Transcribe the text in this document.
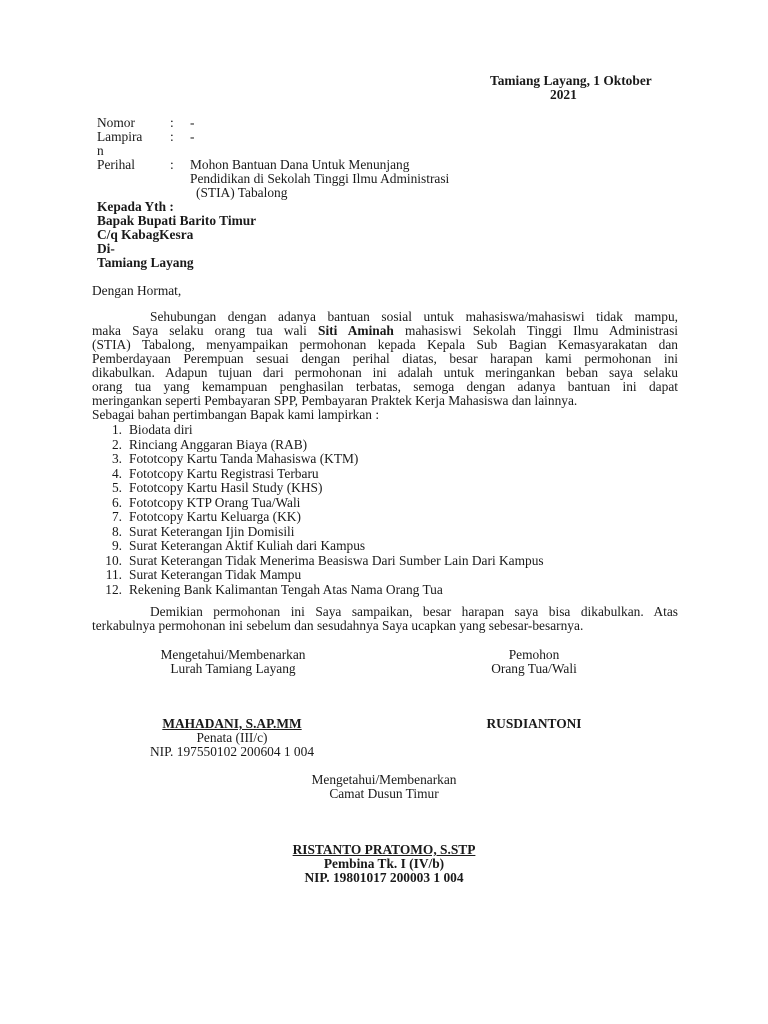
Tamiang Layang, 1 Oktober
2021
Nomor	: -
Lampira : -
n
Perihal	: Mohon Bantuan Dana Untuk Menunjang
Pendidikan di Sekolah Tinggi Ilmu Administrasi
(STIA) Tabalong
Kepada Yth :
Bapak Bupati Barito Timur
C/q KabagKesra
Di-
Tamiang Layang
Dengan Hormat,
Sehubungan dengan adanya bantuan sosial untuk mahasiswa/mahasiswi tidak mampu,
maka Saya selaku orang tua wali Siti Aminah mahasiswi Sekolah Tinggi Ilmu Administrasi
(STIA) Tabalong, menyampaikan permohonan kepada Kepala Sub Bagian Kemasyarakatan dan
Pemberdayaan Perempuan sesuai dengan perihal diatas, besar harapan kami permohonan ini
dikabulkan. Adapun tujuan dari permohonan ini adalah untuk meringankan beban saya selaku
orang tua yang kemampuan penghasilan terbatas, semoga dengan adanya bantuan ini dapat
meringankan seperti Pembayaran SPP, Pembayaran Praktek Kerja Mahasiswa dan lainnya.
Sebagai bahan pertimbangan Bapak kami lampirkan :
1. Biodata diri
2. Rinciang Anggaran Biaya (RAB)
3. Fototcopy Kartu Tanda Mahasiswa (KTM)
4. Fototcopy Kartu Registrasi Terbaru
5. Fototcopy Kartu Hasil Study (KHS)
6. Fototcopy KTP Orang Tua/Wali
7. Fototcopy Kartu Keluarga (KK)
8. Surat Keterangan Ijin Domisili
9. Surat Keterangan Aktif Kuliah dari Kampus
10. Surat Keterangan Tidak Menerima Beasiswa Dari Sumber Lain Dari Kampus
11. Surat Keterangan Tidak Mampu
12. Rekening Bank Kalimantan Tengah Atas Nama Orang Tua
Demikian permohonan ini Saya sampaikan, besar harapan saya bisa dikabulkan. Atas
terkabulnya permohonan ini sebelum dan sesudahnya Saya ucapkan yang sebesar-besarnya.
Mengetahui/Membenarkan
Lurah Tamiang Layang
Pemohon
Orang Tua/Wali
MAHADANI, S.AP.MM
Penata (III/c)
NIP. 197550102 200604 1 004
RUSDIANTONI
Mengetahui/Membenarkan
Camat Dusun Timur
RISTANTO PRATOMO, S.STP
Pembina Tk. I (IV/b)
NIP. 19801017 200003 1 004
